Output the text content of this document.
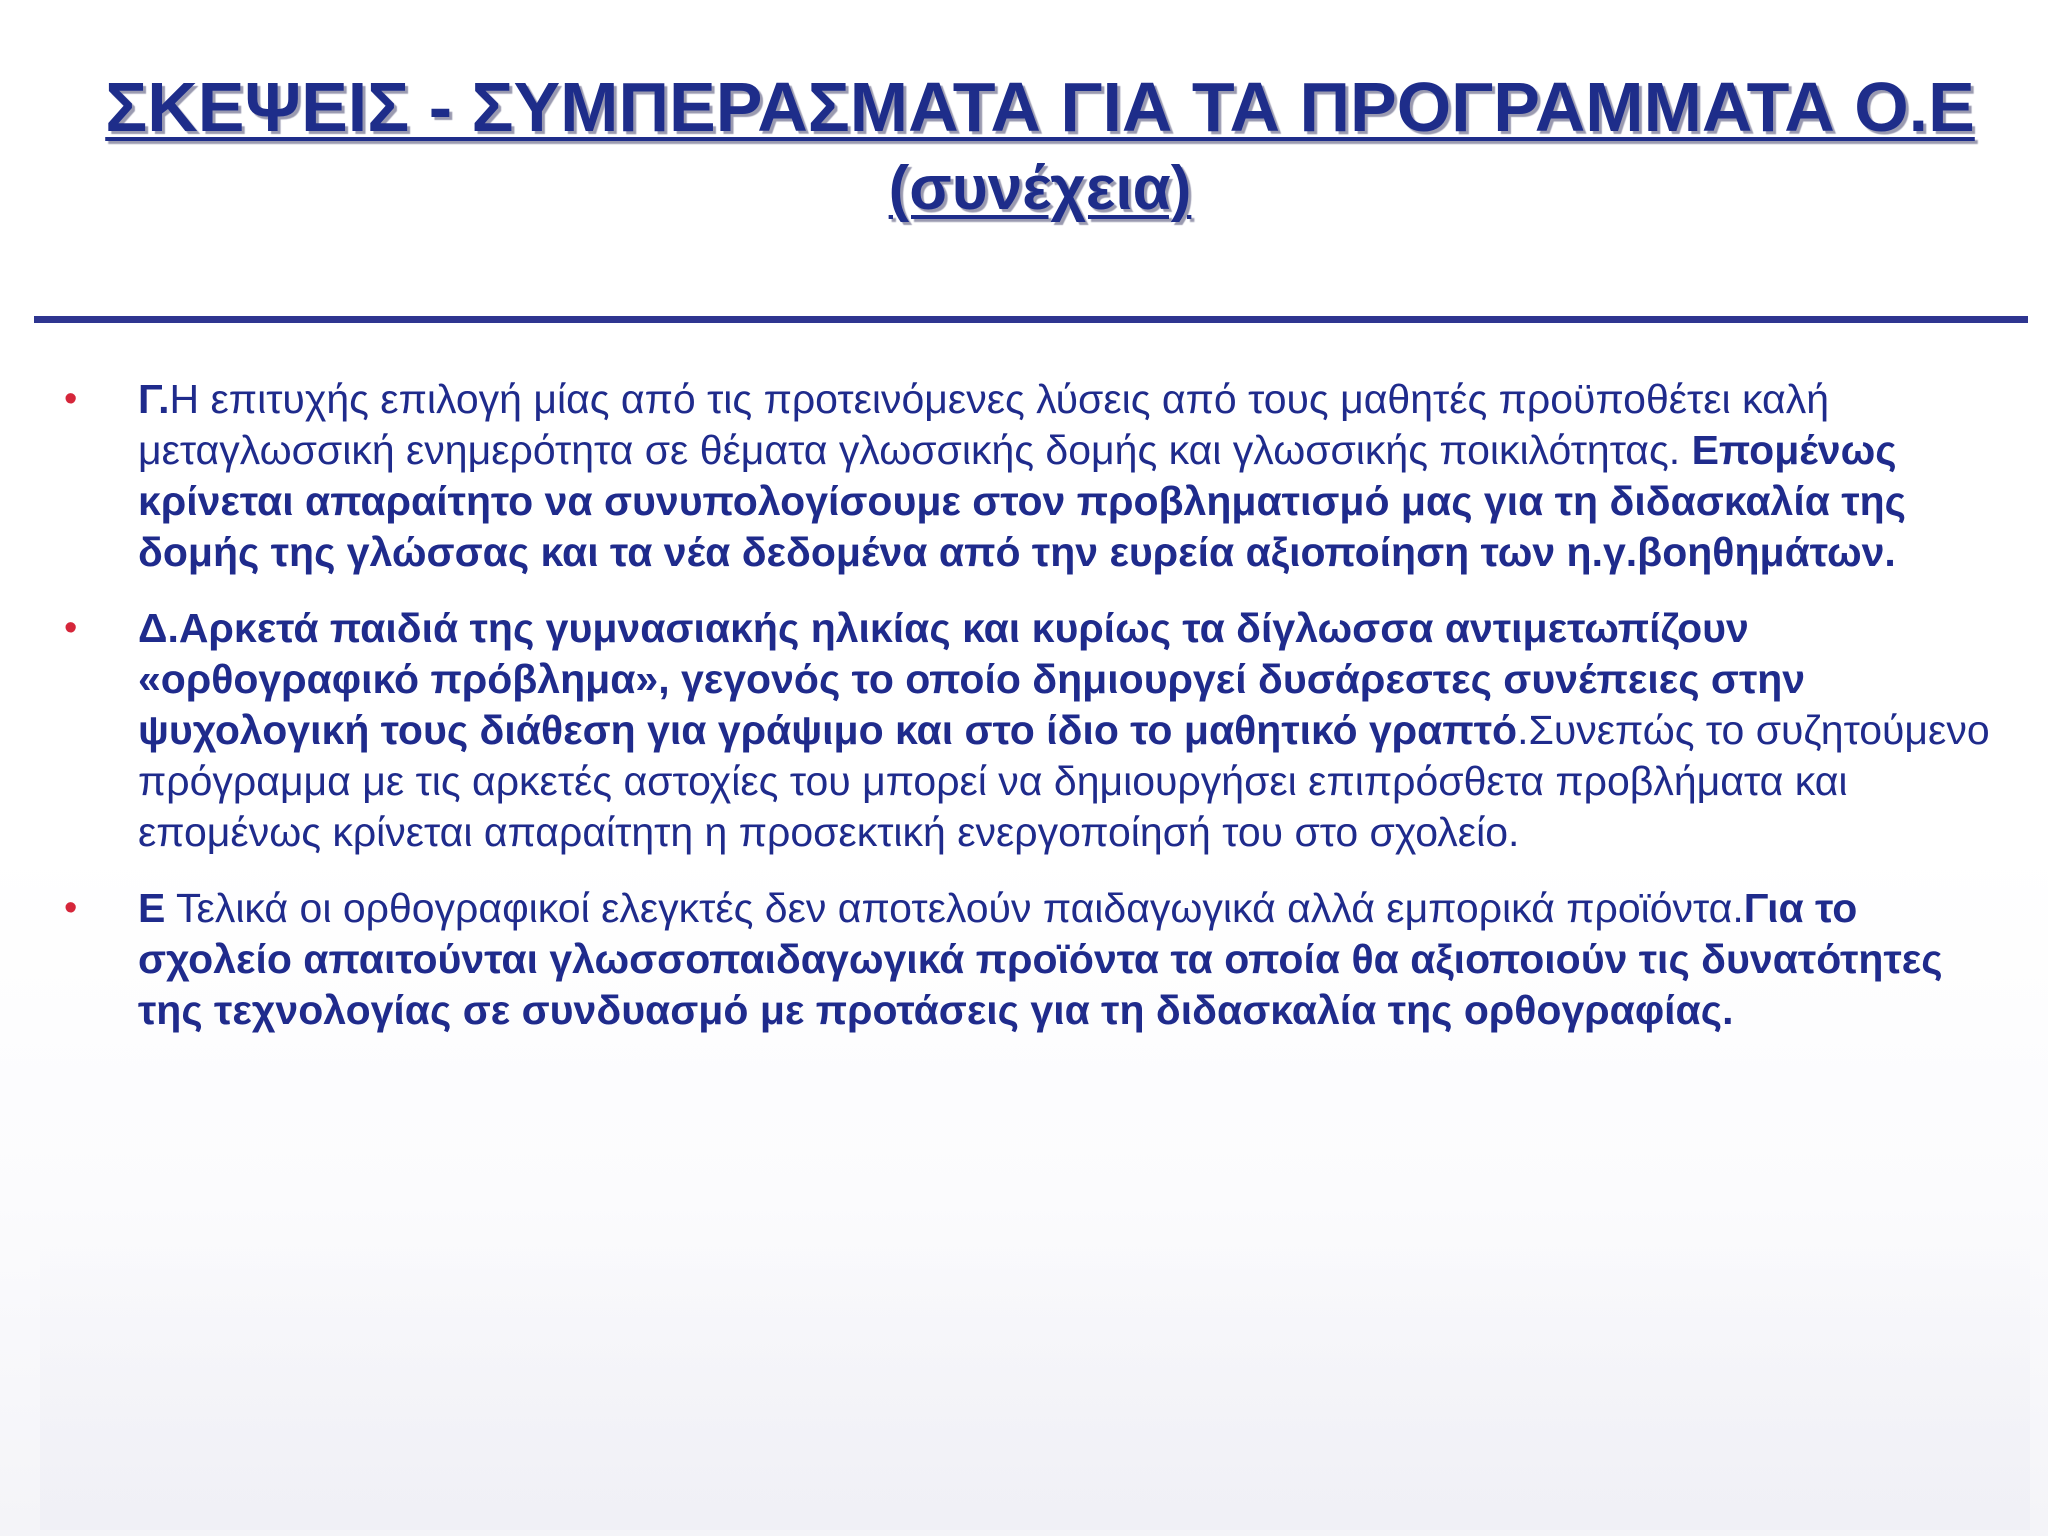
ΣΚΕΨΕΙΣ - ΣΥΜΠΕΡΑΣΜΑΤΑ ΓΙΑ ΤΑ ΠΡΟΓΡΑΜΜΑΤΑ Ο.Ε
(συνέχεια)
• Γ.Η επιτυχής επιλογή μίας από τις προτεινόμενες λύσεις από τους μαθητές προϋποθέτει καλή μεταγλωσσική ενημερότητα σε θέματα γλωσσικής δομής και γλωσσικής ποικιλότητας. Επομένως κρίνεται απαραίτητο να συνυπολογίσουμε στον προβληματισμό μας για τη διδασκαλία της δομής της γλώσσας και τα νέα δεδομένα από την ευρεία αξιοποίηση των η.γ.βοηθημάτων.
• Δ.Αρκετά παιδιά της γυμνασιακής ηλικίας και κυρίως τα δίγλωσσα αντιμετωπίζουν «ορθογραφικό πρόβλημα», γεγονός το οποίο δημιουργεί δυσάρεστες συνέπειες στην ψυχολογική τους διάθεση για γράψιμο και στο ίδιο το μαθητικό γραπτό.Συνεπώς το συζητούμενο πρόγραμμα με τις αρκετές αστοχίες του μπορεί να δημιουργήσει επιπρόσθετα προβλήματα και επομένως κρίνεται απαραίτητη η προσεκτική ενεργοποίησή του στο σχολείο.
• Ε Τελικά οι ορθογραφικοί ελεγκτές δεν αποτελούν παιδαγωγικά αλλά εμπορικά προϊόντα.Για το σχολείο απαιτούνται γλωσσοπαιδαγωγικά προϊόντα τα οποία θα αξιοποιούν τις δυνατότητες της τεχνολογίας σε συνδυασμό με προτάσεις για τη διδασκαλία της ορθογραφίας.
